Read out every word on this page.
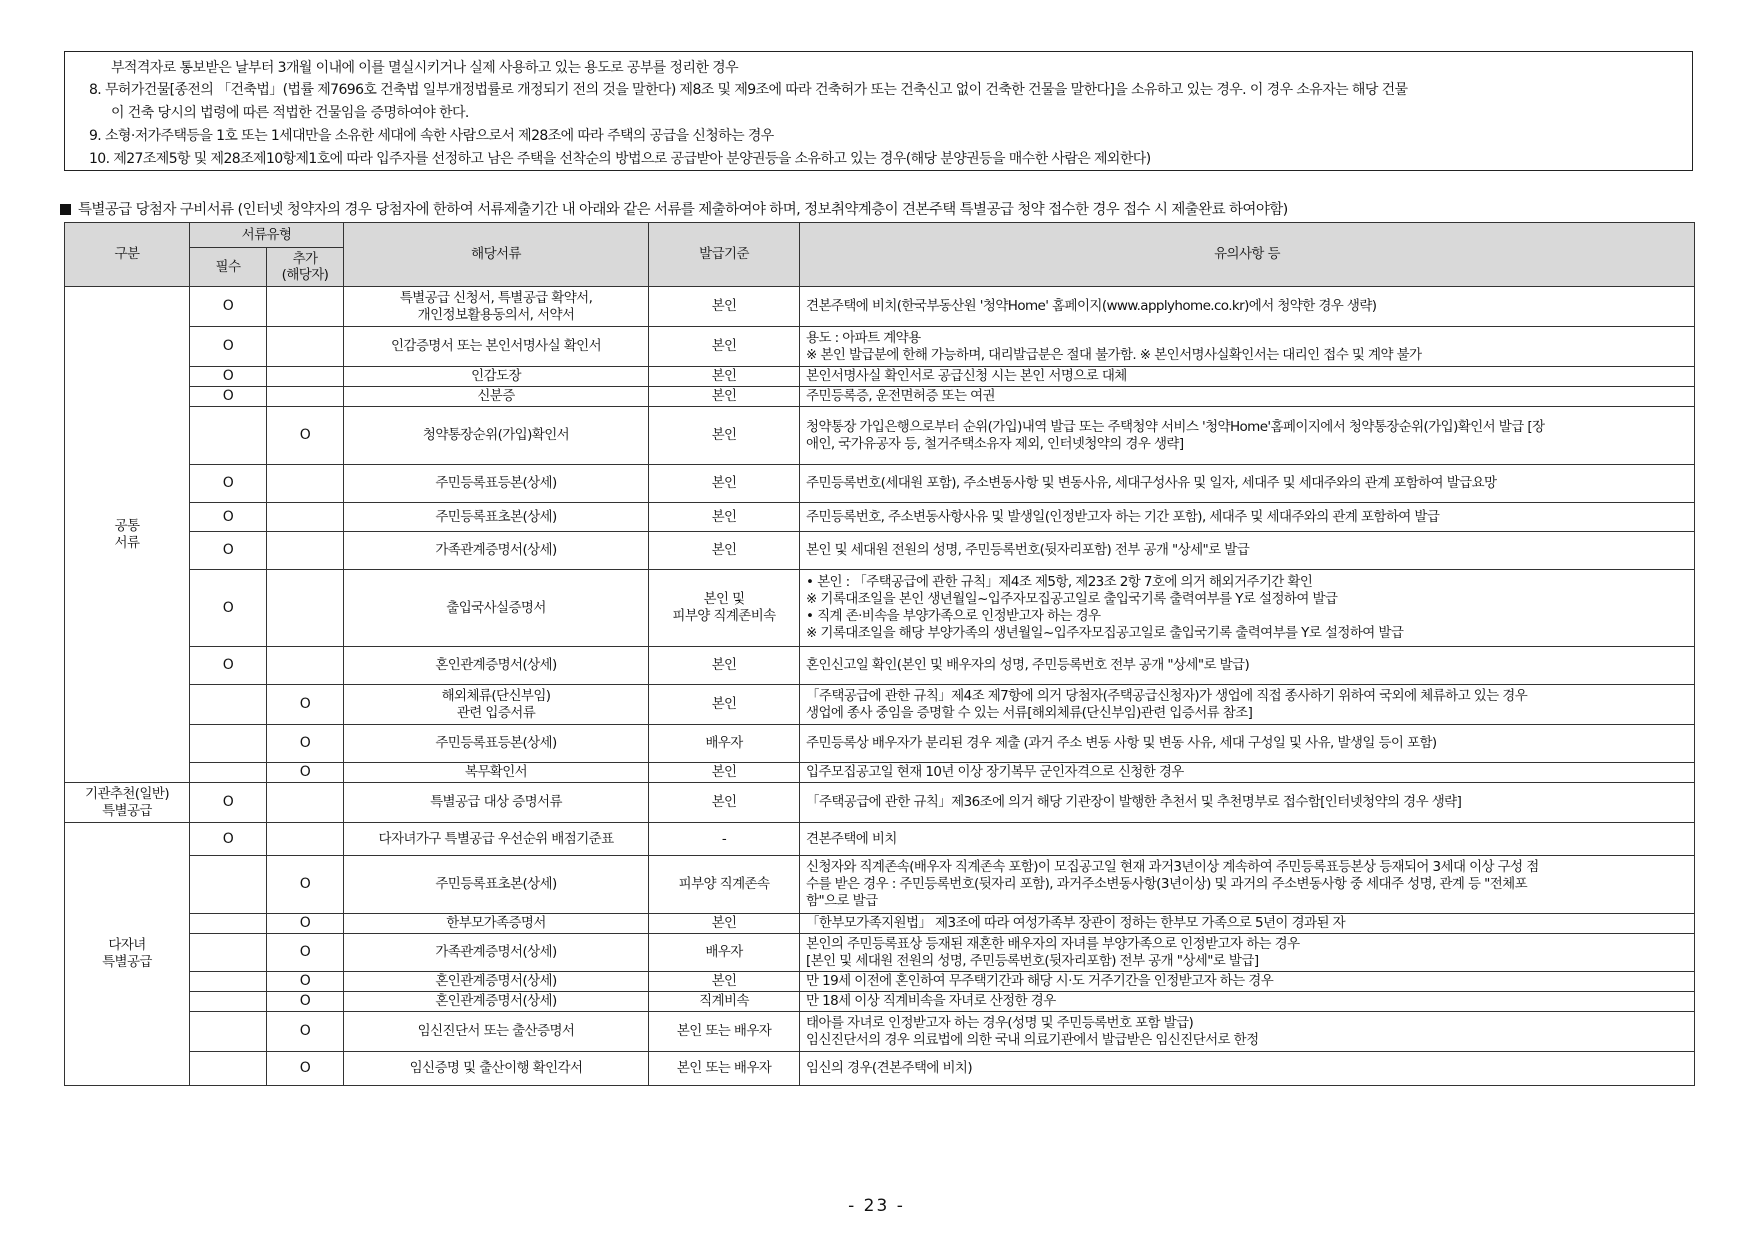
부적격자로 통보받은 날부터 3개월 이내에 이를 멸실시키거나 실제 사용하고 있는 용도로 공부를 정리한 경우
8. 무허가건물[종전의 「건축법」(법률 제7696호 건축법 일부개정법률로 개정되기 전의 것을 말한다) 제8조 및 제9조에 따라 건축허가 또는 건축신고 없이 건축한 건물을 말한다]을 소유하고 있는 경우. 이 경우 소유자는 해당 건물
이 건축 당시의 법령에 따른 적법한 건물임을 증명하여야 한다.
9. 소형·저가주택등을 1호 또는 1세대만을 소유한 세대에 속한 사람으로서 제28조에 따라 주택의 공급을 신청하는 경우
10. 제27조제5항 및 제28조제10항제1호에 따라 입주자를 선정하고 남은 주택을 선착순의 방법으로 공급받아 분양권등을 소유하고 있는 경우(해당 분양권등을 매수한 사람은 제외한다)
특별공급 당첨자 구비서류 (인터넷 청약자의 경우 당첨자에 한하여 서류제출기간 내 아래와 같은 서류를 제출하여야 하며, 정보취약계층이 견본주택 특별공급 청약 접수한 경우 접수 시 제출완료 하여야함)
구분	서류유형		해당서류	발급기준	유의사항 등
	필수	추가
(해당자)			

공통
서류	O		특별공급 신청서, 특별공급 확약서,
개인정보활용동의서, 서약서	본인	견본주택에 비치(한국부동산원 '청약Home' 홈페이지(www.applyhome.co.kr)에서 청약한 경우 생략)

	O		인감증명서 또는 본인서명사실 확인서	본인	용도 : 아파트 계약용
※ 본인 발급분에 한해 가능하며, 대리발급분은 절대 불가함. ※ 본인서명사실확인서는 대리인 접수 및 계약 불가

	O		인감도장	본인	본인서명사실 확인서로 공급신청 시는 본인 서명으로 대체

	O		신분증	본인	주민등록증, 운전면허증 또는 여권

		O	청약통장순위(가입)확인서	본인	청약통장 가입은행으로부터 순위(가입)내역 발급 또는 주택청약 서비스 '청약Home'홈페이지에서 청약통장순위(가입)확인서 발급 [장
애인, 국가유공자 등, 철거주택소유자 제외, 인터넷청약의 경우 생략]

	O		주민등록표등본(상세)	본인	주민등록번호(세대원 포함), 주소변동사항 및 변동사유, 세대구성사유 및 일자, 세대주 및 세대주와의 관계 포함하여 발급요망

	O		주민등록표초본(상세)	본인	주민등록번호, 주소변동사항사유 및 발생일(인정받고자 하는 기간 포함), 세대주 및 세대주와의 관계 포함하여 발급

	O		가족관계증명서(상세)	본인	본인 및 세대원 전원의 성명, 주민등록번호(뒷자리포함) 전부 공개 "상세"로 발급

	O		출입국사실증명서	본인 및
피부양 직계존비속	• 본인 : 「주택공급에 관한 규칙」제4조 제5항, 제23조 2항 7호에 의거 해외거주기간 확인
※ 기록대조일을 본인 생년월일~입주자모집공고일로 출입국기록 출력여부를 Y로 설정하여 발급
• 직계 존·비속을 부양가족으로 인정받고자 하는 경우
※ 기록대조일을 해당 부양가족의 생년월일~입주자모집공고일로 출입국기록 출력여부를 Y로 설정하여 발급

	O		혼인관계증명서(상세)	본인	혼인신고일 확인(본인 및 배우자의 성명, 주민등록번호 전부 공개 "상세"로 발급)

		O	해외체류(단신부임)
관련 입증서류	본인	「주택공급에 관한 규칙」제4조 제7항에 의거 당첨자(주택공급신청자)가 생업에 직접 종사하기 위하여 국외에 체류하고 있는 경우
생업에 종사 중임을 증명할 수 있는 서류[해외체류(단신부임)관련 입증서류 참조]

		O	주민등록표등본(상세)	배우자	주민등록상 배우자가 분리된 경우 제출 (과거 주소 변동 사항 및 변동 사유, 세대 구성일 및 사유, 발생일 등이 포함)

		O	복무확인서	본인	입주모집공고일 현재 10년 이상 장기복무 군인자격으로 신청한 경우

기관추천(일반)
특별공급	O		특별공급 대상 증명서류	본인	「주택공급에 관한 규칙」제36조에 의거 해당 기관장이 발행한 추천서 및 추천명부로 접수함[인터넷청약의 경우 생략]

다자녀
특별공급	O		다자녀가구 특별공급 우선순위 배점기준표	-	견본주택에 비치

		O	주민등록표초본(상세)	피부양 직계존속	신청자와 직계존속(배우자 직계존속 포함)이 모집공고일 현재 과거3년이상 계속하여 주민등록표등본상 등재되어 3세대 이상 구성 점
수를 받은 경우 : 주민등록번호(뒷자리 포함), 과거주소변동사항(3년이상) 및 과거의 주소변동사항 중 세대주 성명, 관계 등 "전체포
함"으로 발급

		O	한부모가족증명서	본인	「한부모가족지원법」 제3조에 따라 여성가족부 장관이 정하는 한부모 가족으로 5년이 경과된 자

		O	가족관계증명서(상세)	배우자	본인의 주민등록표상 등재된 재혼한 배우자의 자녀를 부양가족으로 인정받고자 하는 경우
[본인 및 세대원 전원의 성명, 주민등록번호(뒷자리포함) 전부 공개 "상세"로 발급]

		O	혼인관계증명서(상세)	본인	만 19세 이전에 혼인하여 무주택기간과 해당 시·도 거주기간을 인정받고자 하는 경우

		O	혼인관계증명서(상세)	직계비속	만 18세 이상 직계비속을 자녀로 산정한 경우

		O	임신진단서 또는 출산증명서	본인 또는 배우자	태아를 자녀로 인정받고자 하는 경우(성명 및 주민등록번호 포함 발급)
임신진단서의 경우 의료법에 의한 국내 의료기관에서 발급받은 임신진단서로 한정

		O	임신증명 및 출산이행 확인각서	본인 또는 배우자	임신의 경우(견본주택에 비치)
- 23 -
